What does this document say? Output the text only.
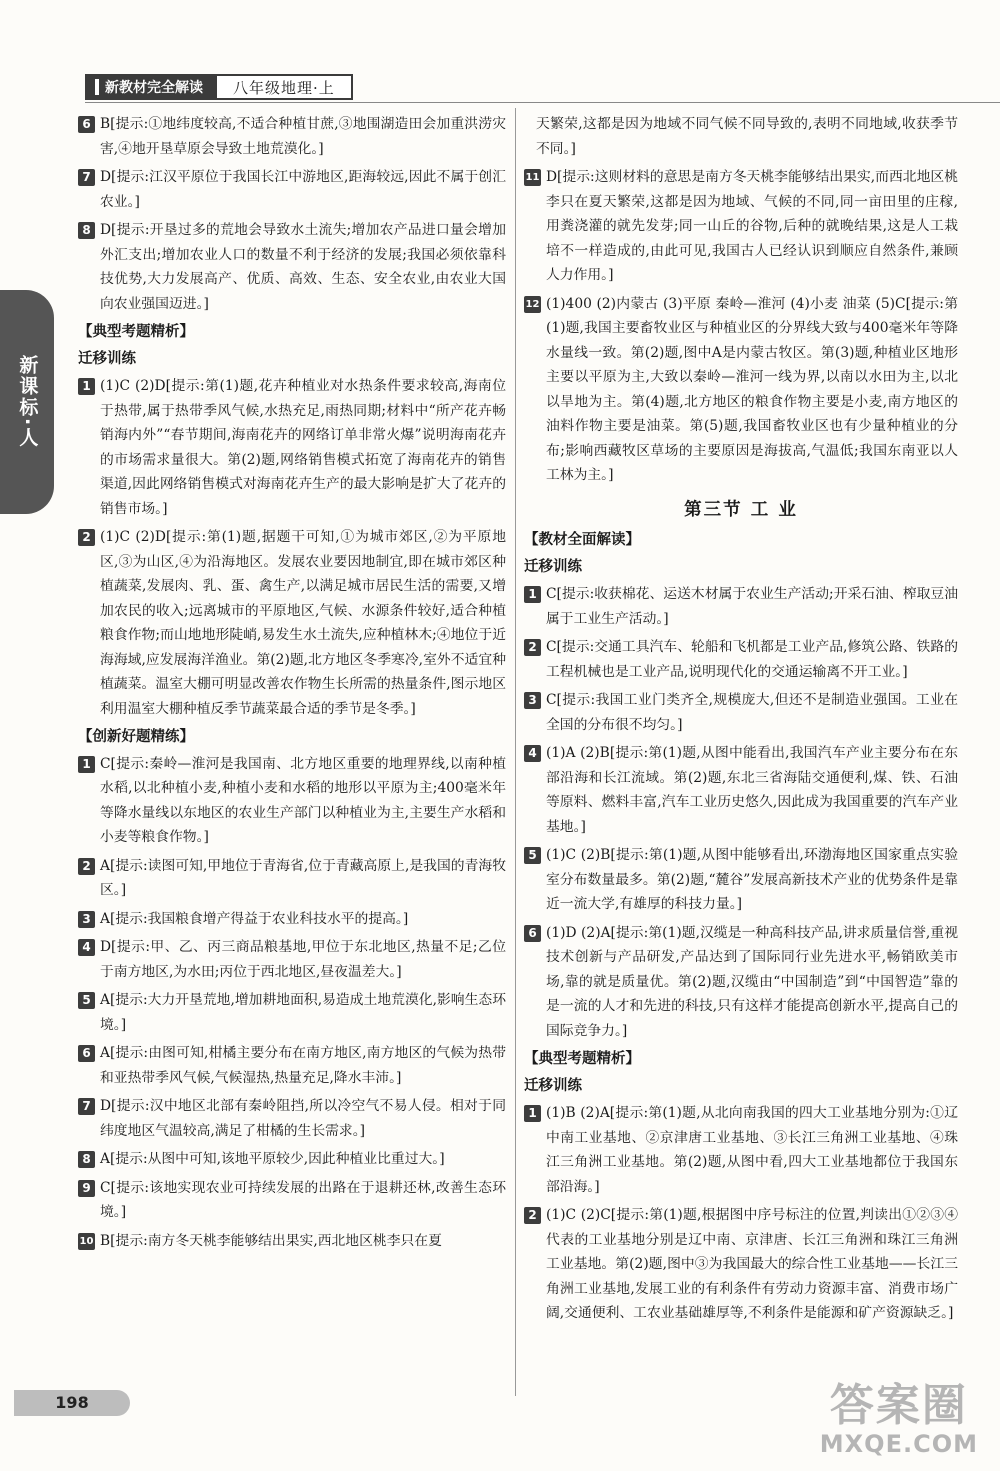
新教材完全解读	八年级地理·上
新课标·人
6 B[提示:①地纬度较高,不适合种植甘蔗,③地围湖造田会加重洪涝灾害,④地开垦草原会导致土地荒漠化。]
7 D[提示:江汉平原位于我国长江中游地区,距海较远,因此不属于创汇农业。]
8 D[提示:开垦过多的荒地会导致水土流失;增加农产品进口量会增加外汇支出;增加农业人口的数量不利于经济的发展;我国必须依靠科技优势,大力发展高产、优质、高效、生态、安全农业,由农业大国向农业强国迈进。]
【典型考题精析】
迁移训练
1 (1)C (2)D[提示:第(1)题,花卉种植业对水热条件要求较高,海南位于热带,属于热带季风气候,水热充足,雨热同期;材料中“所产花卉畅销海内外”“春节期间,海南花卉的网络订单非常火爆”说明海南花卉的市场需求量很大。第(2)题,网络销售模式拓宽了海南花卉的销售渠道,因此网络销售模式对海南花卉生产的最大影响是扩大了花卉的销售市场。]
2 (1)C (2)D[提示:第(1)题,据题干可知,①为城市郊区,②为平原地区,③为山区,④为沿海地区。发展农业要因地制宜,即在城市郊区种植蔬菜,发展肉、乳、蛋、禽生产,以满足城市居民生活的需要,又增加农民的收入;远离城市的平原地区,气候、水源条件较好,适合种植粮食作物;而山地地形陡峭,易发生水土流失,应种植林木;④地位于近海海域,应发展海洋渔业。第(2)题,北方地区冬季寒冷,室外不适宜种植蔬菜。温室大棚可明显改善农作物生长所需的热量条件,图示地区利用温室大棚种植反季节蔬菜最合适的季节是冬季。]
【创新好题精练】
1 C[提示:秦岭—淮河是我国南、北方地区重要的地理界线,以南种植水稻,以北种植小麦,种植小麦和水稻的地形以平原为主;400毫米年等降水量线以东地区的农业生产部门以种植业为主,主要生产水稻和小麦等粮食作物。]
2 A[提示:读图可知,甲地位于青海省,位于青藏高原上,是我国的青海牧区。]
3 A[提示:我国粮食增产得益于农业科技水平的提高。]
4 D[提示:甲、乙、丙三商品粮基地,甲位于东北地区,热量不足;乙位于南方地区,为水田;丙位于西北地区,昼夜温差大。]
5 A[提示:大力开垦荒地,增加耕地面积,易造成土地荒漠化,影响生态环境。]
6 A[提示:由图可知,柑橘主要分布在南方地区,南方地区的气候为热带和亚热带季风气候,气候湿热,热量充足,降水丰沛。]
7 D[提示:汉中地区北部有秦岭阻挡,所以冷空气不易人侵。相对于同纬度地区气温较高,满足了柑橘的生长需求。]
8 A[提示:从图中可知,该地平原较少,因此种植业比重过大。]
9 C[提示:该地实现农业可持续发展的出路在于退耕还林,改善生态环境。]
10 B[提示:南方冬天桃李能够结出果实,西北地区桃李只在夏
天繁荣,这都是因为地域不同气候不同导致的,表明不同地域,收获季节不同。]
11 D[提示:这则材料的意思是南方冬天桃李能够结出果实,而西北地区桃李只在夏天繁荣,这都是因为地域、气候的不同,同一亩田里的庄稼,用粪浇灌的就先发芽;同一山丘的谷物,后种的就晚结果,这是人工栽培不一样造成的,由此可见,我国古人已经认识到顺应自然条件,兼顾人力作用。]
12 (1)400 (2)内蒙古 (3)平原 秦岭—淮河 (4)小麦 油菜 (5)C[提示:第(1)题,我国主要畜牧业区与种植业区的分界线大致与400毫米年等降水量线一致。第(2)题,图中A是内蒙古牧区。第(3)题,种植业区地形主要以平原为主,大致以秦岭—淮河一线为界,以南以水田为主,以北以旱地为主。第(4)题,北方地区的粮食作物主要是小麦,南方地区的油料作物主要是油菜。第(5)题,我国畜牧业区也有少量种植业的分布;影响西藏牧区草场的主要原因是海拔高,气温低;我国东南亚以人工林为主。]
第三节 工 业
【教材全面解读】
迁移训练
1 C[提示:收获棉花、运送木材属于农业生产活动;开采石油、榨取豆油属于工业生产活动。]
2 C[提示:交通工具汽车、轮船和飞机都是工业产品,修筑公路、铁路的工程机械也是工业产品,说明现代化的交通运输离不开工业。]
3 C[提示:我国工业门类齐全,规模庞大,但还不是制造业强国。工业在全国的分布很不均匀。]
4 (1)A (2)B[提示:第(1)题,从图中能看出,我国汽车产业主要分布在东部沿海和长江流域。第(2)题,东北三省海陆交通便利,煤、铁、石油等原料、燃料丰富,汽车工业历史悠久,因此成为我国重要的汽车产业基地。]
5 (1)C (2)B[提示:第(1)题,从图中能够看出,环渤海地区国家重点实验室分布数量最多。第(2)题,“麓谷”发展高新技术产业的优势条件是靠近一流大学,有雄厚的科技力量。]
6 (1)D (2)A[提示:第(1)题,汉缆是一种高科技产品,讲求质量信誉,重视技术创新与产品研发,产品达到了国际同行业先进水平,畅销欧美市场,靠的就是质量优。第(2)题,汉缆由“中国制造”到“中国智造”靠的是一流的人才和先进的科技,只有这样才能提高创新水平,提高自己的国际竞争力。]
【典型考题精析】
迁移训练
1 (1)B (2)A[提示:第(1)题,从北向南我国的四大工业基地分别为:①辽中南工业基地、②京津唐工业基地、③长江三角洲工业基地、④珠江三角洲工业基地。第(2)题,从图中看,四大工业基地都位于我国东部沿海。]
2 (1)C (2)C[提示:第(1)题,根据图中序号标注的位置,判读出①②③④代表的工业基地分别是辽中南、京津唐、长江三角洲和珠江三角洲工业基地。第(2)题,图中③为我国最大的综合性工业基地——长江三角洲工业基地,发展工业的有利条件有劳动力资源丰富、消费市场广阔,交通便利、工农业基础雄厚等,不利条件是能源和矿产资源缺乏。]
198	答案圈
MXQE.COM
